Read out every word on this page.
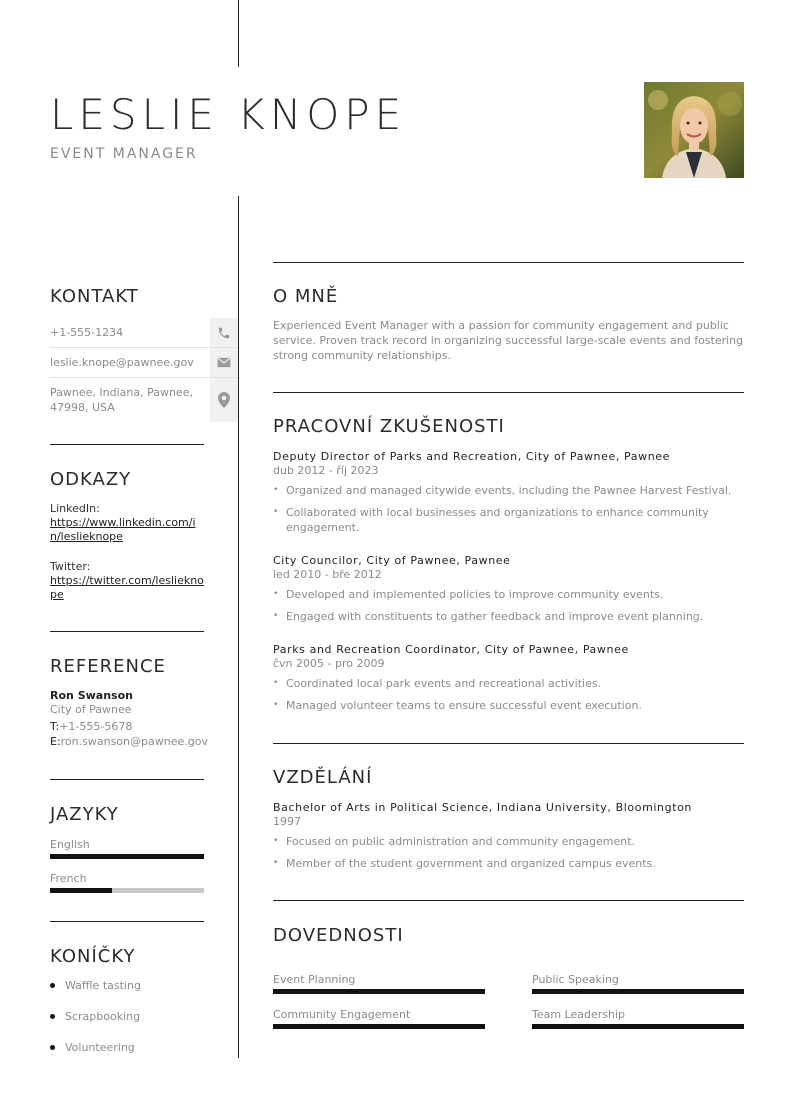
LESLIE KNOPE
EVENT MANAGER
KONTAKT
+1-555-1234
leslie.knope@pawnee.gov
Pawnee, Indiana, Pawnee, 47998, USA
ODKAZY
LinkedIn:
https://www.linkedin.com/in/leslieknope
Twitter:
https://twitter.com/leslieknope
REFERENCE
Ron Swanson
City of Pawnee
T:+1-555-5678
E:ron.swanson@pawnee.gov
JAZYKY
English
French
KONÍČKY
Waffle tasting
Scrapbooking
Volunteering
O MNĚ
Experienced Event Manager with a passion for community engagement and public service. Proven track record in organizing successful large-scale events and fostering strong community relationships.
PRACOVNÍ ZKUŠENOSTI
Deputy Director of Parks and Recreation, City of Pawnee, Pawnee
dub 2012 - říj 2023
• Organized and managed citywide events, including the Pawnee Harvest Festival.
• Collaborated with local businesses and organizations to enhance community engagement.
City Councilor, City of Pawnee, Pawnee
led 2010 - bře 2012
• Developed and implemented policies to improve community events.
• Engaged with constituents to gather feedback and improve event planning.
Parks and Recreation Coordinator, City of Pawnee, Pawnee
čvn 2005 - pro 2009
• Coordinated local park events and recreational activities.
• Managed volunteer teams to ensure successful event execution.
VZDĚLÁNÍ
Bachelor of Arts in Political Science, Indiana University, Bloomington
1997
• Focused on public administration and community engagement.
• Member of the student government and organized campus events.
DOVEDNOSTI
Event Planning	Public Speaking
Community Engagement	Team Leadership
